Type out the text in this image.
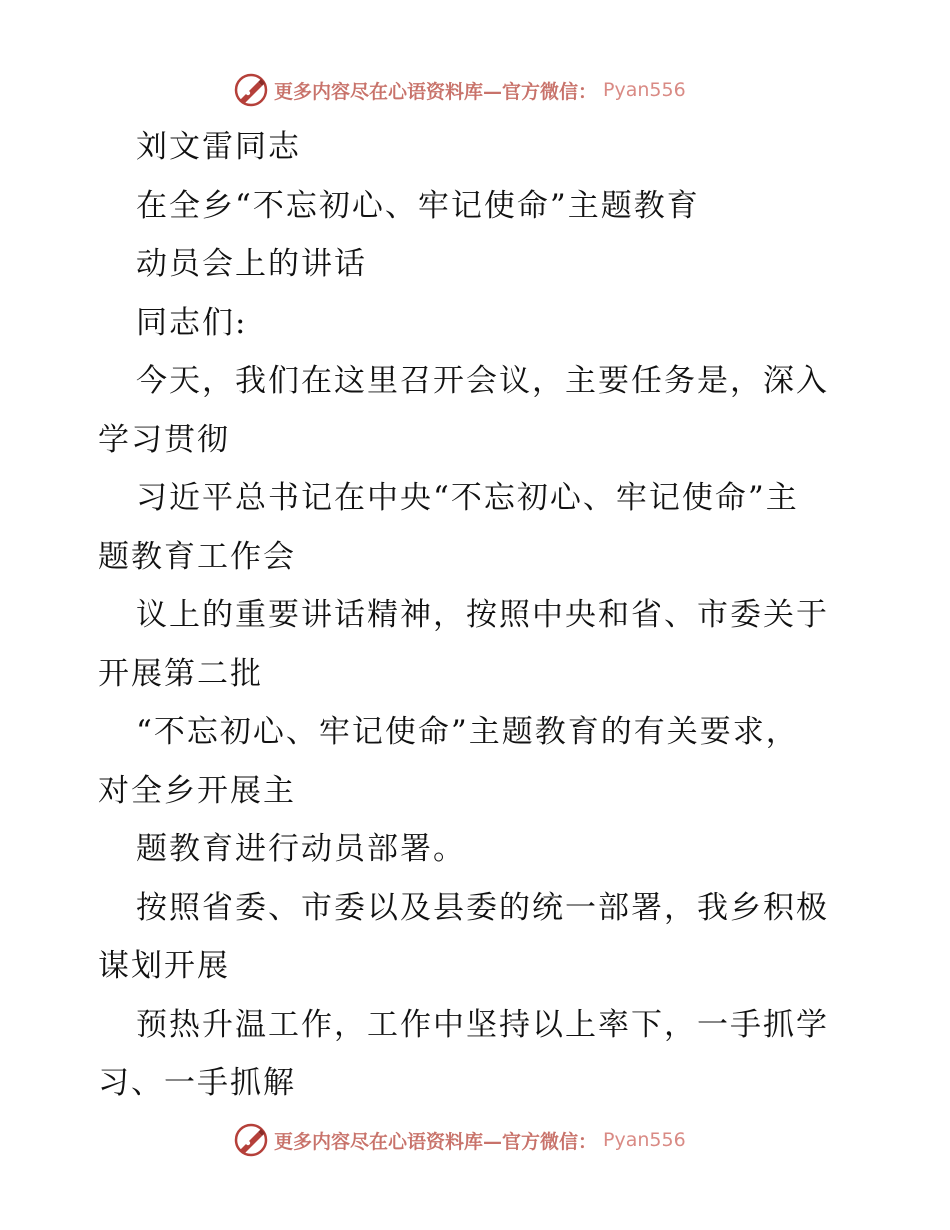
更多内容尽在心语资料库—官方微信： Pyan556
刘文雷同志
在全乡“不忘初心、牢记使命”主题教育
动员会上的讲话
同志们:
今天，我们在这里召开会议，主要任务是，深入
学习贯彻
习近平总书记在中央“不忘初心、牢记使命”主
题教育工作会
议上的重要讲话精神，按照中央和省、市委关于
开展第二批
“不忘初心、牢记使命”主题教育的有关要求，
对全乡开展主
题教育进行动员部署。
按照省委、市委以及县委的统一部署，我乡积极
谋划开展
预热升温工作，工作中坚持以上率下，一手抓学
习、一手抓解
更多内容尽在心语资料库—官方微信： Pyan556
